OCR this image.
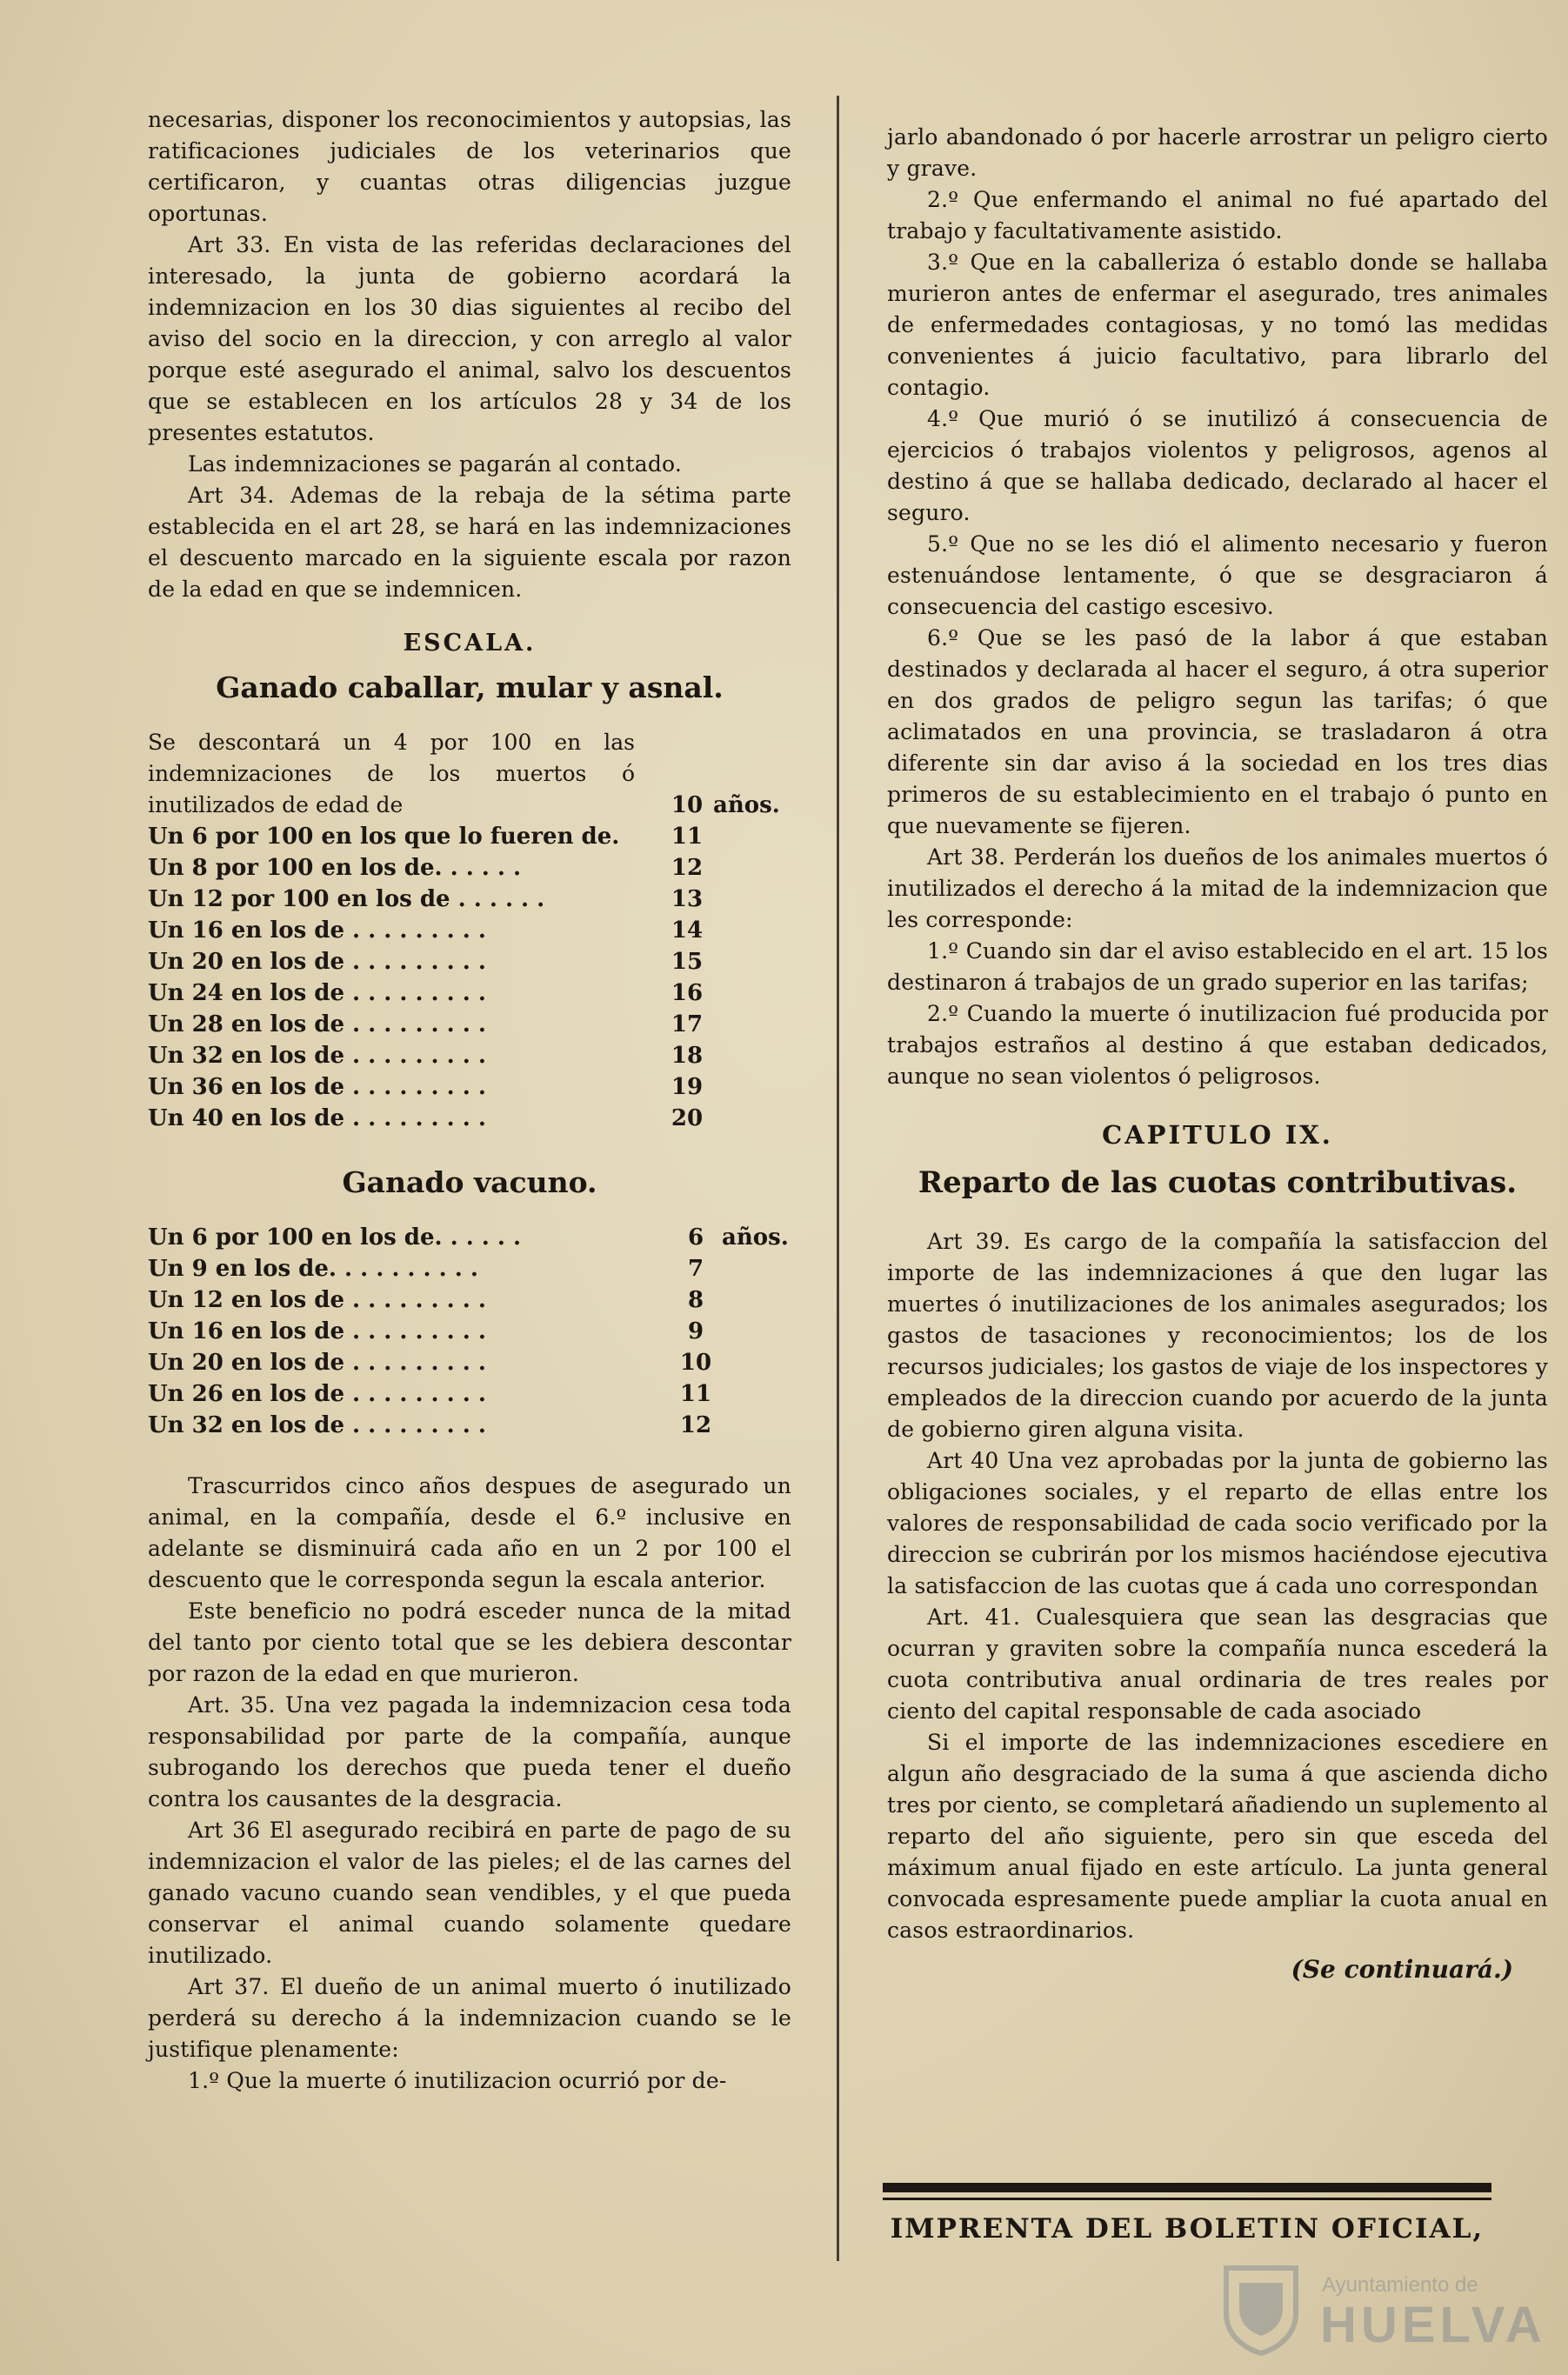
necesarias, disponer los reconocimientos y autopsias, las ratificaciones judiciales de los veterinarios que certificaron, y cuantas otras diligencias juzgue oportunas.

Art 33. En vista de las referidas declaraciones del interesado, la junta de gobierno acordará la indemnizacion en los 30 dias siguientes al recibo del aviso del socio en la direccion, y con arreglo al valor porque esté asegurado el animal, salvo los descuentos que se establecen en los artículos 28 y 34 de los presentes estatutos.

Las indemnizaciones se pagarán al contado.

Art 34. Ademas de la rebaja de la sétima parte establecida en el art 28, se hará en las indemnizaciones el descuento marcado en la siguiente escala por razon de la edad en que se indemnicen.

ESCALA.
Ganado caballar, mular y asnal.
Se descontará un 4 por 100 en las indemnizaciones de los muertos ó inutilizados de edad de	10 años.
Un 6 por 100 en los que lo fueren de.	11
Un 8 por 100 en los de. . . . . .	12
Un 12 por 100 en los de . . . . . .	13
Un 16 en los de . . . . . . . . .	14
Un 20 en los de . . . . . . . . .	15
Un 24 en los de . . . . . . . . .	16
Un 28 en los de . . . . . . . . .	17
Un 32 en los de . . . . . . . . .	18
Un 36 en los de . . . . . . . . .	19
Un 40 en los de . . . . . . . . .	20
Ganado vacuno.
Un 6 por 100 en los de. . . . . .	6 años.
Un 9 en los de. . . . . . . . . .	7
Un 12 en los de . . . . . . . . .	8
Un 16 en los de . . . . . . . . .	9
Un 20 en los de . . . . . . . . .	10
Un 26 en los de . . . . . . . . .	11
Un 32 en los de . . . . . . . . .	12

Trascurridos cinco años despues de asegurado un animal, en la compañía, desde el 6.º inclusive en adelante se disminuirá cada año en un 2 por 100 el descuento que le corresponda segun la escala anterior.

Este beneficio no podrá esceder nunca de la mitad del tanto por ciento total que se les debiera descontar por razon de la edad en que murieron.

Art. 35. Una vez pagada la indemnizacion cesa toda responsabilidad por parte de la compañía, aunque subrogando los derechos que pueda tener el dueño contra los causantes de la desgracia.

Art 36 El asegurado recibirá en parte de pago de su indemnizacion el valor de las pieles; el de las carnes del ganado vacuno cuando sean vendibles, y el que pueda conservar el animal cuando solamente quedare inutilizado.

Art 37. El dueño de un animal muerto ó inutilizado perderá su derecho á la indemnizacion cuando se le justifique plenamente:

1.º Que la muerte ó inutilizacion ocurrió por de-

jarlo abandonado ó por hacerle arrostrar un peligro cierto y grave.

2.º Que enfermando el animal no fué apartado del trabajo y facultativamente asistido.

3.º Que en la caballeriza ó establo donde se hallaba murieron antes de enfermar el asegurado, tres animales de enfermedades contagiosas, y no tomó las medidas convenientes á juicio facultativo, para librarlo del contagio.

4.º Que murió ó se inutilizó á consecuencia de ejercicios ó trabajos violentos y peligrosos, agenos al destino á que se hallaba dedicado, declarado al hacer el seguro.

5.º Que no se les dió el alimento necesario y fueron estenuándose lentamente, ó que se desgraciaron á consecuencia del castigo escesivo.

6.º Que se les pasó de la labor á que estaban destinados y declarada al hacer el seguro, á otra superior en dos grados de peligro segun las tarifas; ó que aclimatados en una provincia, se trasladaron á otra diferente sin dar aviso á la sociedad en los tres dias primeros de su establecimiento en el trabajo ó punto en que nuevamente se fijeren.

Art 38. Perderán los dueños de los animales muertos ó inutilizados el derecho á la mitad de la indemnizacion que les corresponde:

1.º Cuando sin dar el aviso establecido en el art. 15 los destinaron á trabajos de un grado superior en las tarifas;

2.º Cuando la muerte ó inutilizacion fué producida por trabajos estraños al destino á que estaban dedicados, aunque no sean violentos ó peligrosos.

CAPITULO IX.
Reparto de las cuotas contributivas.

Art 39. Es cargo de la compañía la satisfaccion del importe de las indemnizaciones á que den lugar las muertes ó inutilizaciones de los animales asegurados; los gastos de tasaciones y reconocimientos; los de los recursos judiciales; los gastos de viaje de los inspectores y empleados de la direccion cuando por acuerdo de la junta de gobierno giren alguna visita.

Art 40 Una vez aprobadas por la junta de gobierno las obligaciones sociales, y el reparto de ellas entre los valores de responsabilidad de cada socio verificado por la direccion se cubrirán por los mismos haciéndose ejecutiva la satisfaccion de las cuotas que á cada uno correspondan

Art. 41. Cualesquiera que sean las desgracias que ocurran y graviten sobre la compañía nunca escederá la cuota contributiva anual ordinaria de tres reales por ciento del capital responsable de cada asociado

Si el importe de las indemnizaciones escediere en algun año desgraciado de la suma á que ascienda dicho tres por ciento, se completará añadiendo un suplemento al reparto del año siguiente, pero sin que esceda del máximum anual fijado en este artículo. La junta general convocada espresamente puede ampliar la cuota anual en casos estraordinarios.

(Se continuará.)
IMPRENTA DEL BOLETIN OFICIAL,
Ayuntamiento de
HUELVA
